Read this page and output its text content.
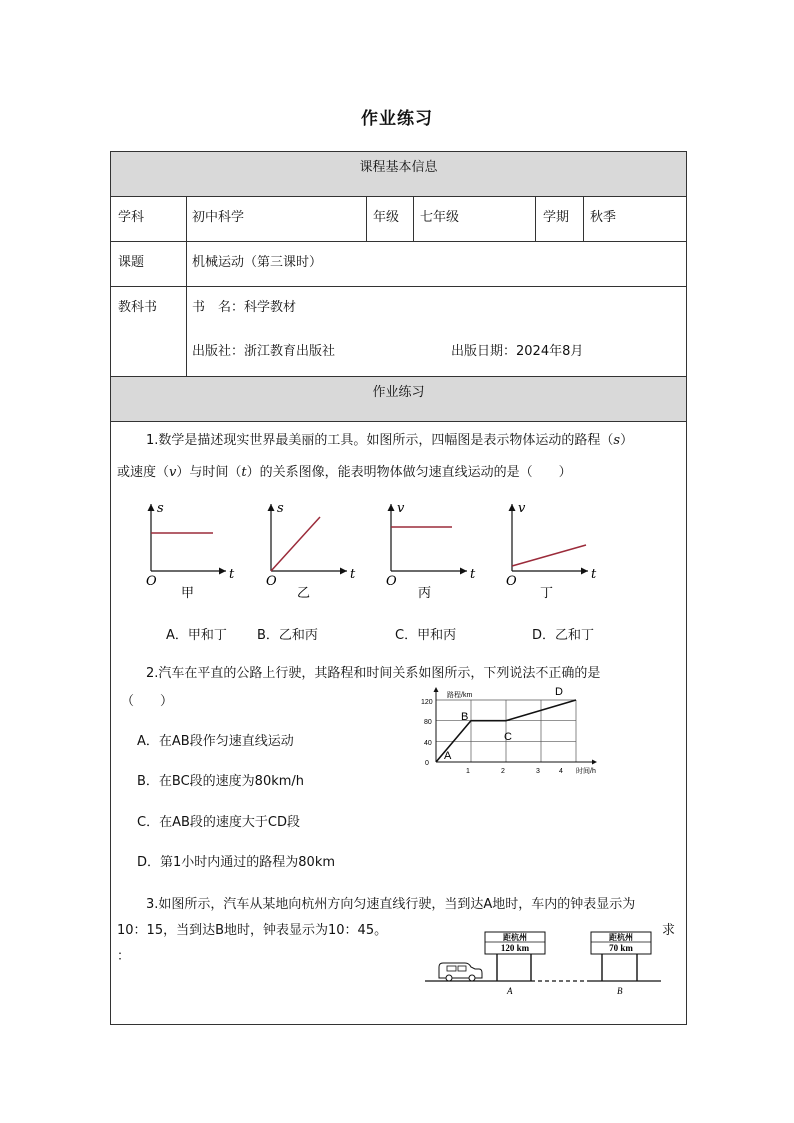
作业练习
课程基本信息
学科	初中科学	年级 七年级	学期 秋季
课题	机械运动（第三课时）
教科书	书　名：科学教材
出版社：浙江教育出版社	出版日期：2024年8月
作业练习
1.数学是描述现实世界最美丽的工具。如图所示，四幅图是表示物体运动的路程（s）
或速度（v）与时间（t）的关系图像，能表明物体做匀速直线运动的是（　　）
s
t
O
甲
s
t
O
乙
v
t
O
丙
v
t
O
丁
A．甲和丁 B．乙和丙	C．甲和丙	D．乙和丁
2.汽车在平直的公路上行驶，其路程和时间关系如图所示，下列说法不正确的是
（　　）
A．在AB段作匀速直线运动
B．在BC段的速度为80km/h
C．在AB段的速度大于CD段
D．第1小时内通过的路程为80km
路程/km
时间/h
0
40
80
120
1	2	3	4
A
B
C
D
3.如图所示，汽车从某地向杭州方向匀速直线行驶，当到达A地时，车内的钟表显示为
10：15，当到达B地时，钟表显示为10：45。	求
：
距杭州
120 km
A
距杭州
70 km
B
